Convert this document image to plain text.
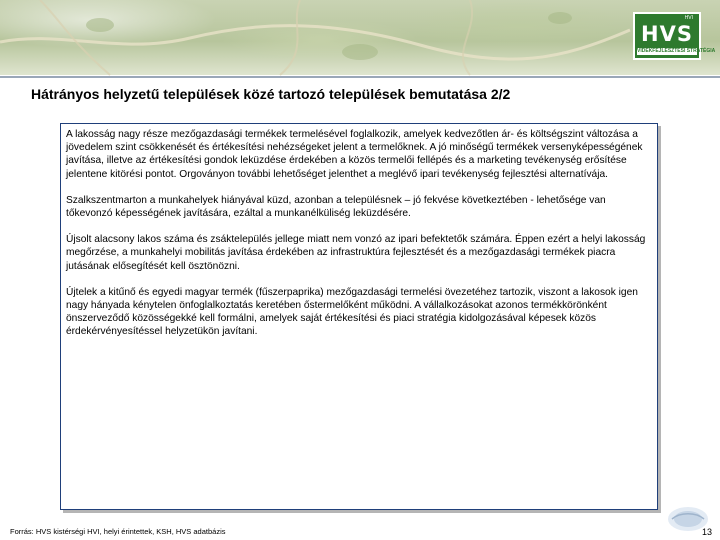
HVI
HVS
VIDÉKFEJLESZTÉSI STRATÉGIA
Hátrányos helyzetű települések közé tartozó települések bemutatása 2/2

A lakosság nagy része mezőgazdasági termékek termelésével foglalkozik, amelyek kedvezőtlen ár- és költségszint változása a jövedelem szint csökkenését és értékesítési nehézségeket jelent a termelőknek. A jó minőségű termékek versenyképességének javítása, illetve az értékesítési gondok leküzdése érdekében a közös termelői fellépés és a marketing tevékenység erősítése jelentene kitörési pontot. Orgoványon további lehetőséget jelenthet a meglévő ipari tevékenység fejlesztési alternatívája.

Szalkszentmarton a munkahelyek hiányával küzd, azonban a településnek – jó fekvése következtében - lehetősége van tőkevonzó képességének javítására, ezáltal a munkanélküliség leküzdésére.

Újsolt alacsony lakos száma és zsáktelepülés jellege miatt nem vonzó az ipari befektetők számára. Éppen ezért a helyi lakosság megőrzése, a munkahelyi mobilitás javítása érdekében az infrastruktúra fejlesztését és a mezőgazdasági termékek piacra jutásának elősegítését kell ösztönözni.

Újtelek a kitűnő és egyedi magyar termék (fűszerpaprika) mezőgazdasági termelési övezetéhez tartozik, viszont a lakosok igen nagy hányada kénytelen önfoglalkoztatás keretében őstermelőként működni. A vállalkozásokat azonos termékkörönként önszerveződő közösségekké kell formálni, amelyek saját értékesítési és piaci stratégia kidolgozásával képesek közös érdekérvényesítéssel helyzetükön javítani.

Forrás: HVS kistérségi HVI, helyi érintettek, KSH, HVS adatbázis	13
